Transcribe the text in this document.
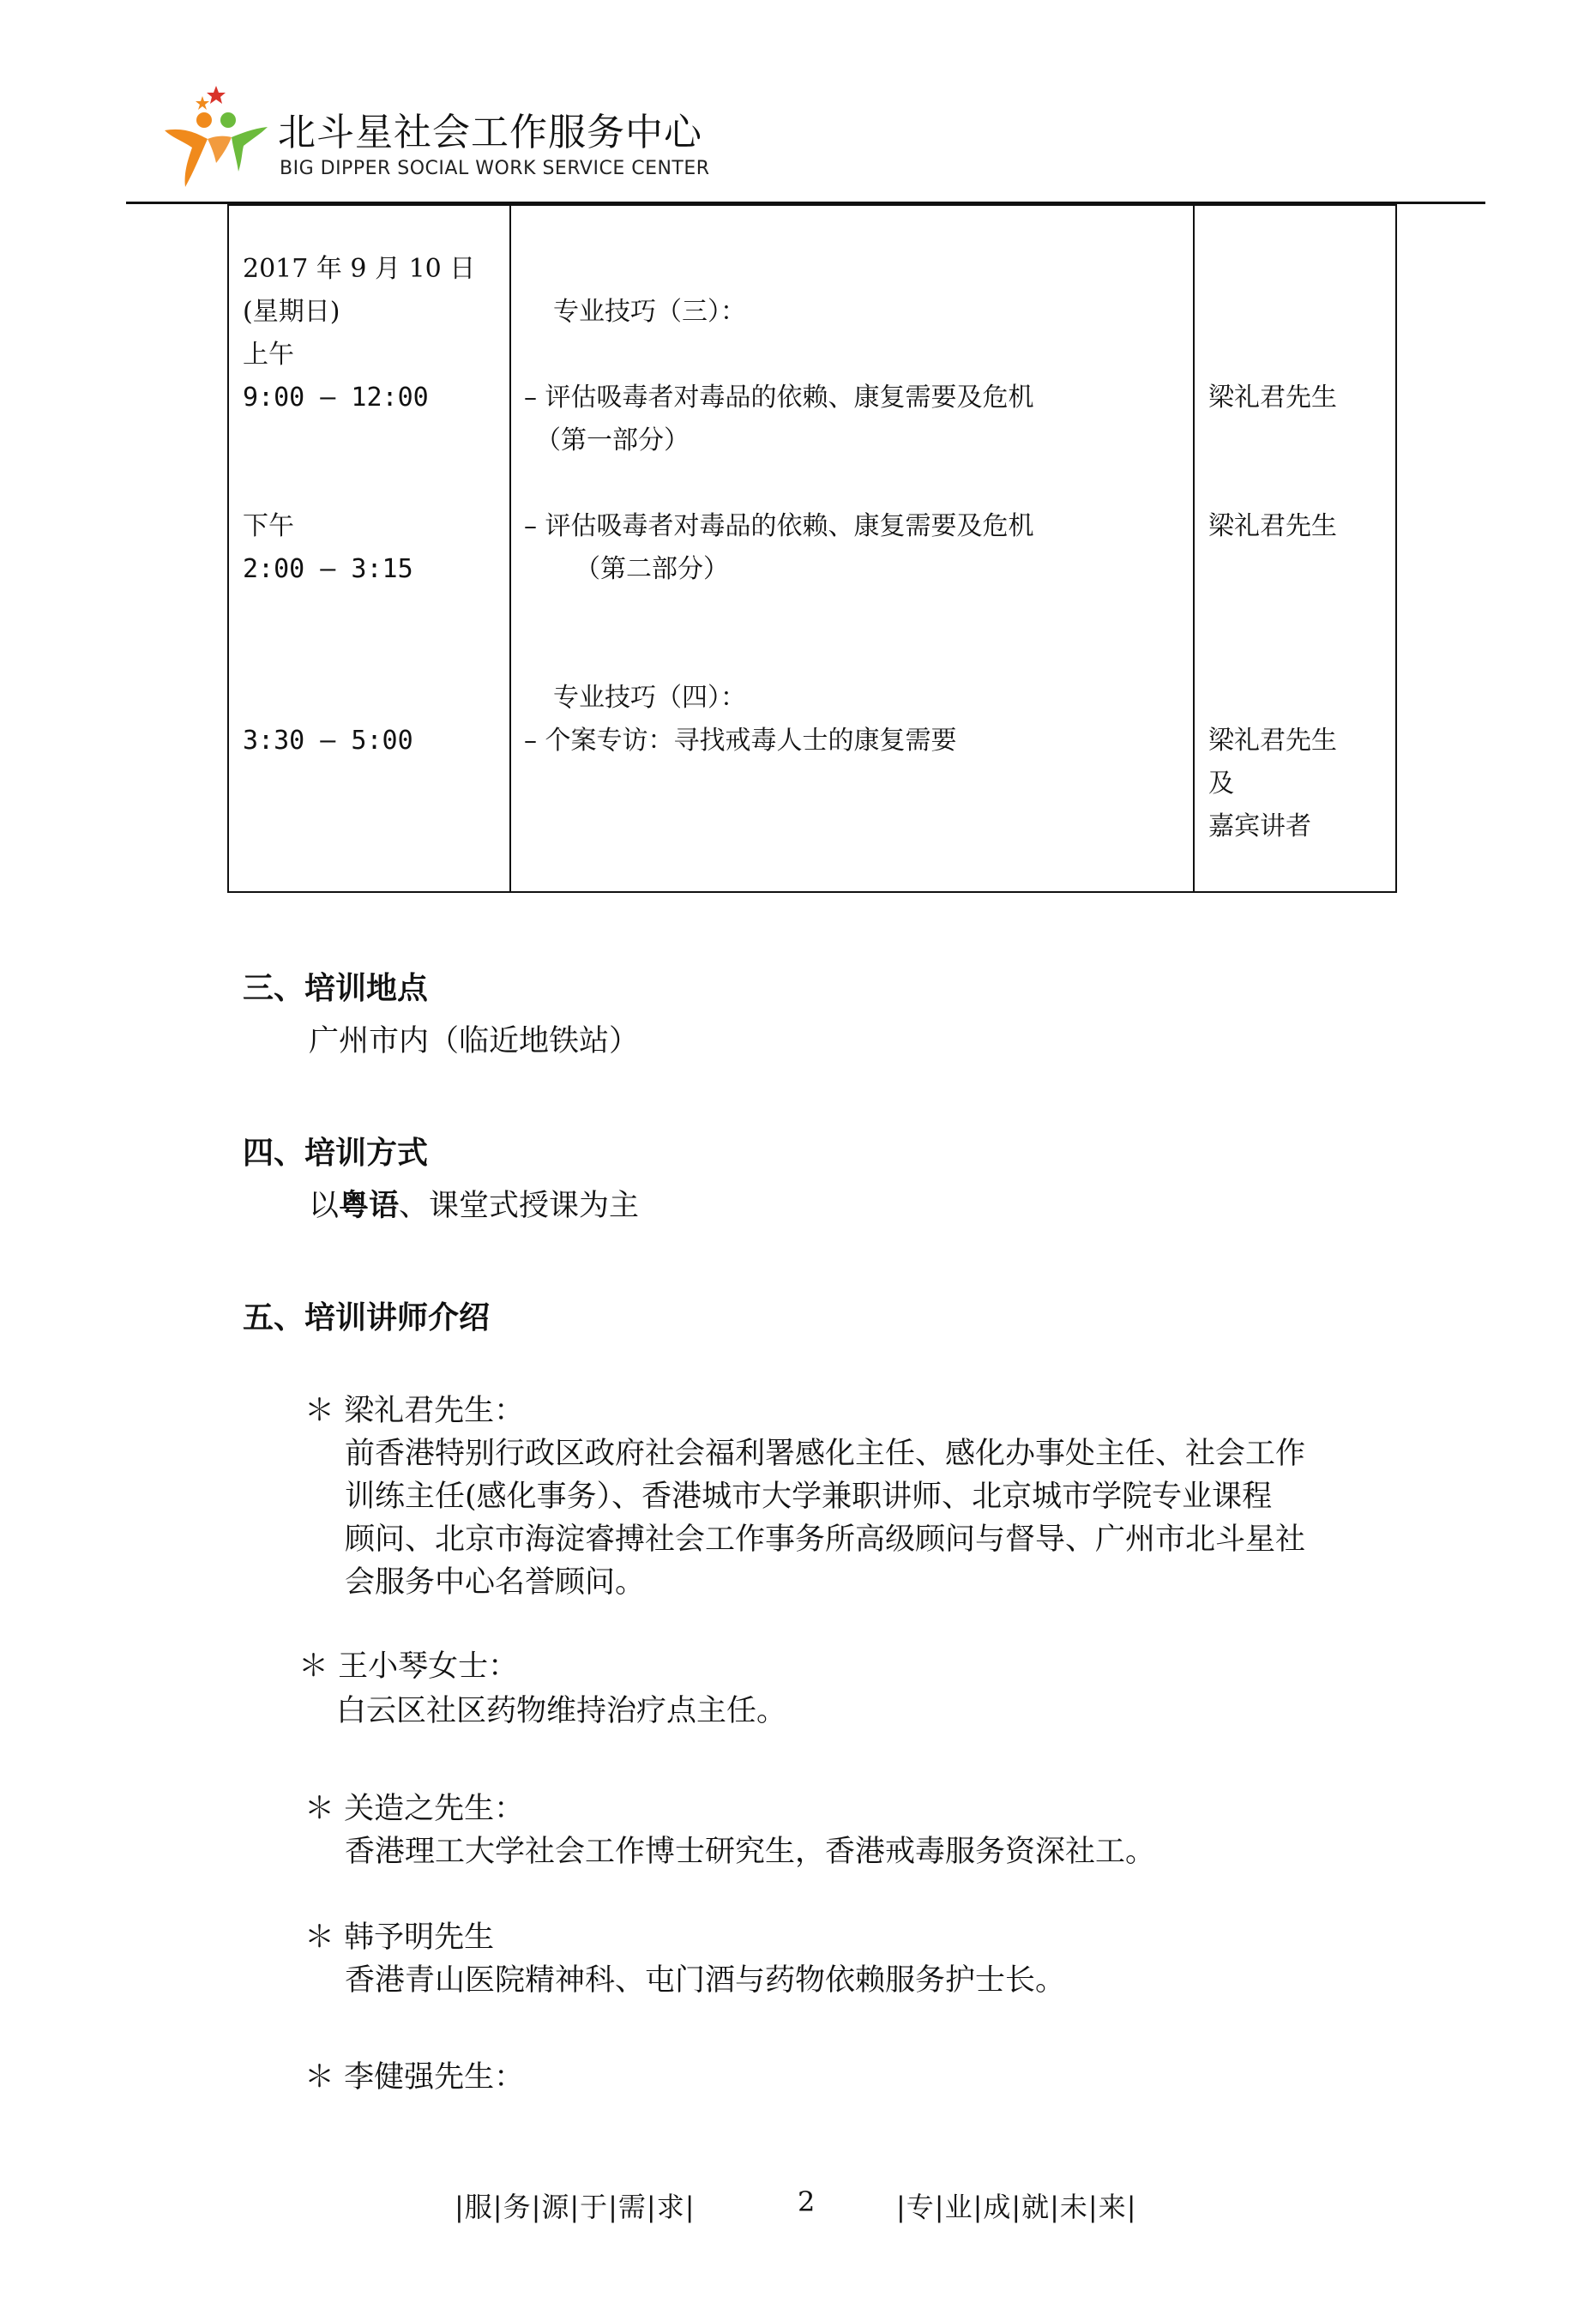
北斗星社会工作服务中心
BIG DIPPER SOCIAL WORK SERVICE CENTER
2017 年 9 月 10 日
(星期日)
上午
9:00 – 12:00
下午
2:00 – 3:15
3:30 – 5:00
专业技巧（三）：
– 评估吸毒者对毒品的依赖、康复需要及危机
（第一部分）
– 评估吸毒者对毒品的依赖、康复需要及危机
（第二部分）
专业技巧（四）：
– 个案专访：寻找戒毒人士的康复需要
梁礼君先生
梁礼君先生
梁礼君先生
及
嘉宾讲者
三、培训地点
广州市内（临近地铁站）
四、培训方式
以粤语、课堂式授课为主
五、培训讲师介绍
＊ 梁礼君先生：
前香港特别行政区政府社会福利署感化主任、感化办事处主任、社会工作
训练主任(感化事务）、香港城市大学兼职讲师、北京城市学院专业课程
顾问、北京市海淀睿搏社会工作事务所高级顾问与督导、广州市北斗星社
会服务中心名誉顾问。
＊ 王小琴女士：
白云区社区药物维持治疗点主任。
＊ 关造之先生：
香港理工大学社会工作博士研究生，香港戒毒服务资深社工。
＊ 韩予明先生
香港青山医院精神科、屯门酒与药物依赖服务护士长。
＊ 李健强先生：
|服|务|源|于|需|求|	2	|专|业|成|就|未|来|
